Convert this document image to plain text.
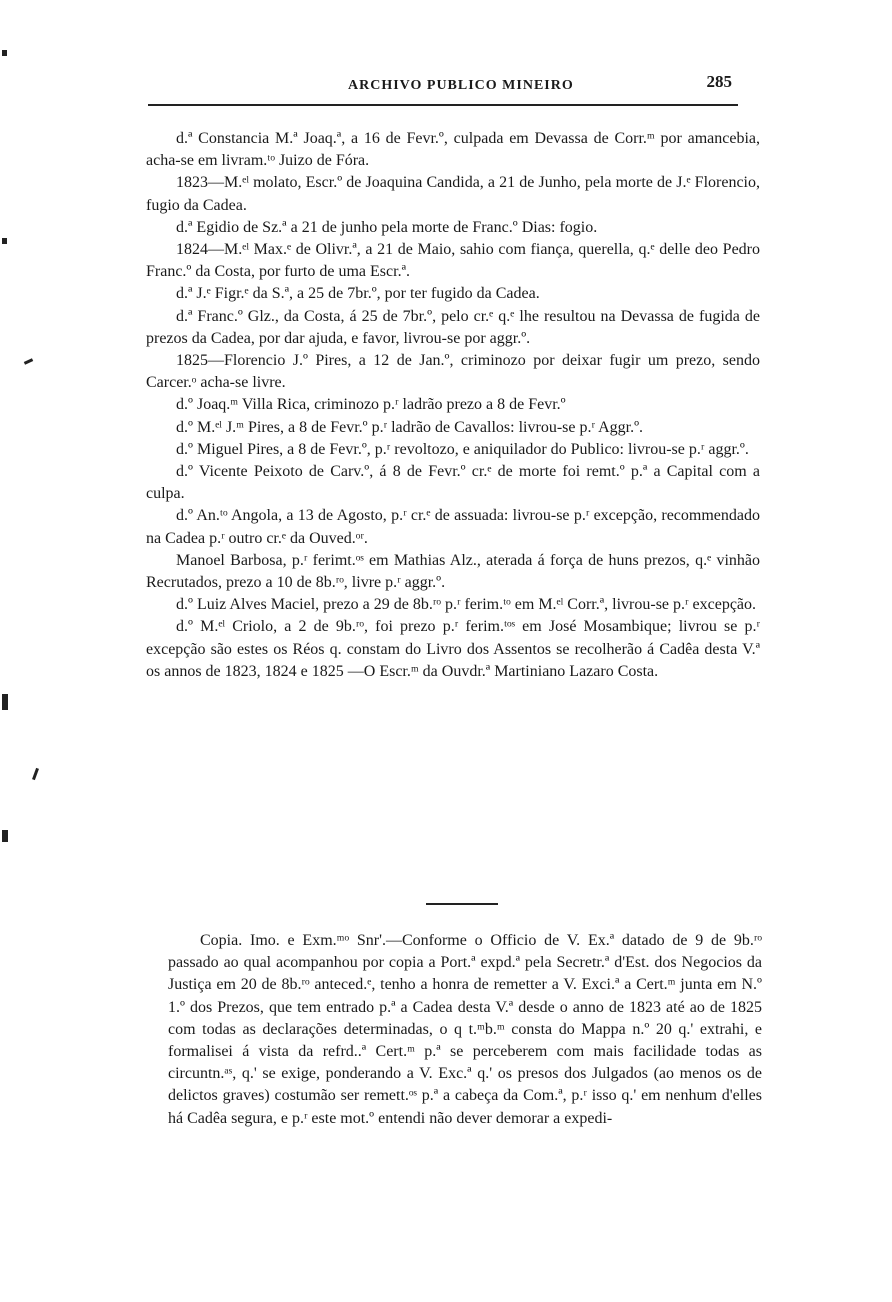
ARCHIVO PUBLICO MINEIRO	285

d.ª Constancia M.ª Joaq.ª, a 16 de Fevr.º, culpada em Devassa de Corr.ᵐ por amancebia, acha-se em livram.ᵗᵒ Juizo de Fóra.

1823—M.ᵉˡ molato, Escr.º de Joaquina Candida, a 21 de Junho, pela morte de J.ᵉ Florencio, fugio da Cadea.

d.ª Egidio de Sz.ª a 21 de junho pela morte de Franc.º Dias: fogio.

1824—M.ᵉˡ Max.ᵉ de Olivr.ª, a 21 de Maio, sahio com fiança, querella, q.ᵉ delle deo Pedro Franc.º da Costa, por furto de uma Escr.ª.

d.ª J.ᵉ Figr.ᵉ da S.ª, a 25 de 7br.º, por ter fugido da Cadea.

d.ª Franc.º Glz., da Costa, á 25 de 7br.º, pelo cr.ᵉ q.ᵉ lhe resultou na Devassa de fugida de prezos da Cadea, por dar ajuda, e favor, livrou-se por aggr.º.

1825—Florencio J.º Pires, a 12 de Jan.º, criminozo por deixar fugir um prezo, sendo Carcer.ᵒ acha-se livre.

d.º Joaq.ᵐ Villa Rica, criminozo p.ʳ ladrão prezo a 8 de Fevr.º

d.º M.ᵉˡ J.ᵐ Pires, a 8 de Fevr.º p.ʳ ladrão de Cavallos: livrou-se p.ʳ Aggr.º.

d.º Miguel Pires, a 8 de Fevr.º, p.ʳ revoltozo, e aniquilador do Publico: livrou-se p.ʳ aggr.º.

d.º Vicente Peixoto de Carv.º, á 8 de Fevr.º cr.ᵉ de morte foi remt.º p.ª a Capital com a culpa.

d.º An.ᵗᵒ Angola, a 13 de Agosto, p.ʳ cr.ᵉ de assuada: livrou-se p.ʳ excepção, recommendado na Cadea p.ʳ outro cr.ᵉ da Ouved.ᵒʳ.

Manoel Barbosa, p.ʳ ferimt.ᵒˢ em Mathias Alz., aterada á força de huns prezos, q.ᵉ vinhão Recrutados, prezo a 10 de 8b.ʳᵒ, livre p.ʳ aggr.º.

d.º Luiz Alves Maciel, prezo a 29 de 8b.ʳᵒ p.ʳ ferim.ᵗᵒ em M.ᵉˡ Corr.ª, livrou-se p.ʳ excepção.

d.º M.ᵉˡ Criolo, a 2 de 9b.ʳᵒ, foi prezo p.ʳ ferim.ᵗᵒˢ em José Mosambique; livrou se p.ʳ excepção são estes os Réos q. constam do Livro dos Assentos se recolherão á Cadêa desta V.ª os annos de 1823, 1824 e 1825 —O Escr.ᵐ da Ouvdr.ª Martiniano Lazaro Costa.

Copia. Imo. e Exm.ᵐᵒ Snr'.—Conforme o Officio de V. Ex.ª datado de 9 de 9b.ʳᵒ passado ao qual acompanhou por copia a Port.ª expd.ª pela Secretr.ª d'Est. dos Negocios da Justiça em 20 de 8b.ʳᵒ anteced.ᵉ, tenho a honra de remetter a V. Exci.ª a Cert.ᵐ junta em N.º 1.º dos Prezos, que tem entrado p.ª a Cadea desta V.ª desde o anno de 1823 até ao de 1825 com todas as declarações determinadas, o q t.ᵐb.ᵐ consta do Mappa n.º 20 q.' extrahi, e formalisei á vista da refrd..ª Cert.ᵐ p.ª se perceberem com mais facilidade todas as circuntn.ᵃˢ, q.' se exige, ponderando a V. Exc.ª q.' os presos dos Julgados (ao menos os de delictos graves) costumão ser remett.ᵒˢ p.ª a cabeça da Com.ª, p.ʳ isso q.' em nenhum d'elles há Cadêa segura, e p.ʳ este mot.º entendi não dever demorar a expedi-
